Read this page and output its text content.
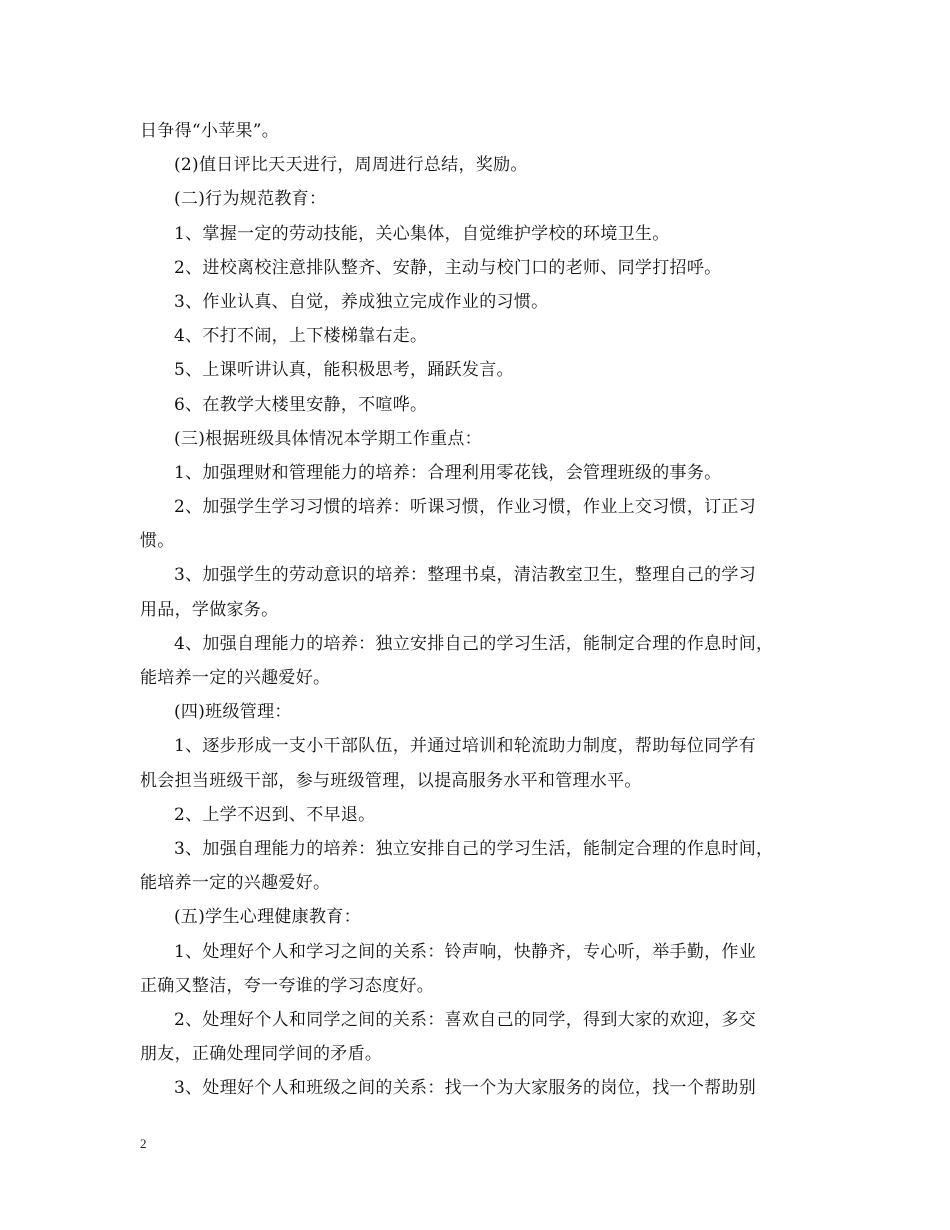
日争得“小苹果”。
(2)值日评比天天进行，周周进行总结，奖励。
(二)行为规范教育：
1、掌握一定的劳动技能，关心集体，自觉维护学校的环境卫生。
2、进校离校注意排队整齐、安静，主动与校门口的老师、同学打招呼。
3、作业认真、自觉，养成独立完成作业的习惯。
4、不打不闹，上下楼梯靠右走。
5、上课听讲认真，能积极思考，踊跃发言。
6、在教学大楼里安静，不喧哗。
(三)根据班级具体情况本学期工作重点：
1、加强理财和管理能力的培养：合理利用零花钱，会管理班级的事务。
2、加强学生学习习惯的培养：听课习惯，作业习惯，作业上交习惯，订正习
惯。
3、加强学生的劳动意识的培养：整理书桌，清洁教室卫生，整理自己的学习
用品，学做家务。
4、加强自理能力的培养：独立安排自己的学习生活，能制定合理的作息时间，
能培养一定的兴趣爱好。
(四)班级管理：
1、逐步形成一支小干部队伍，并通过培训和轮流助力制度，帮助每位同学有
机会担当班级干部，参与班级管理，以提高服务水平和管理水平。
2、上学不迟到、不早退。
3、加强自理能力的培养：独立安排自己的学习生活，能制定合理的作息时间，
能培养一定的兴趣爱好。
(五)学生心理健康教育：
1、处理好个人和学习之间的关系：铃声响，快静齐，专心听，举手勤，作业
正确又整洁，夸一夸谁的学习态度好。
2、处理好个人和同学之间的关系：喜欢自己的同学，得到大家的欢迎，多交
朋友，正确处理同学间的矛盾。
3、处理好个人和班级之间的关系：找一个为大家服务的岗位，找一个帮助别
2
